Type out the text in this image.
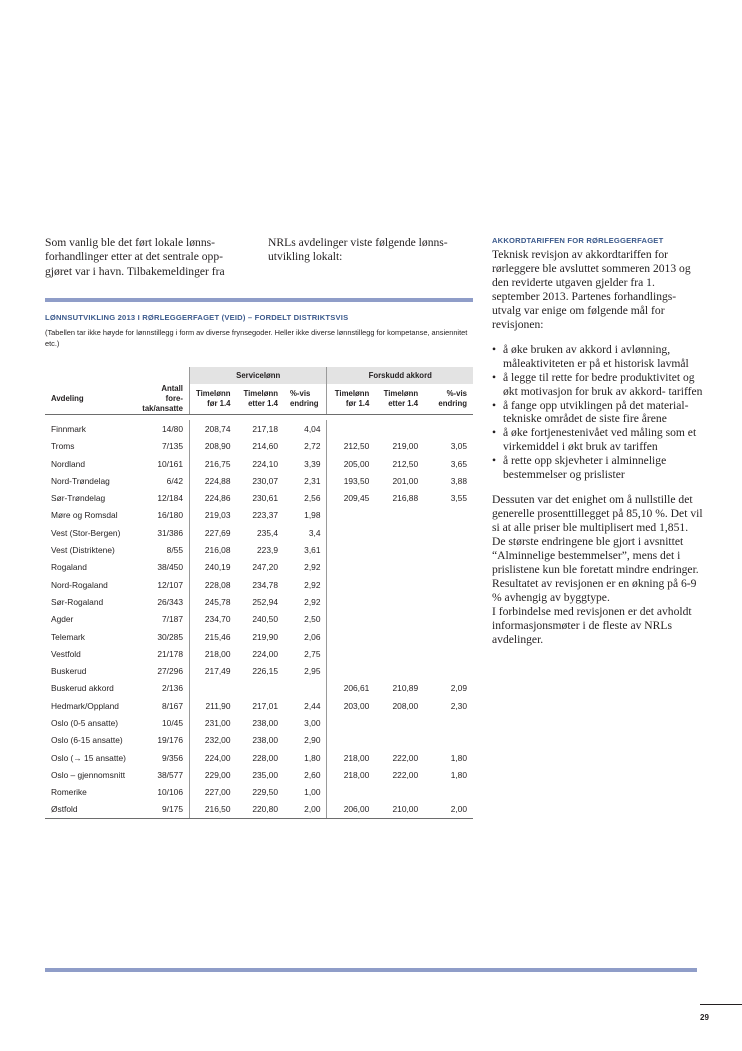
Som vanlig ble det ført lokale lønns- forhandlinger etter at det sentrale opp- gjøret var i havn. Tilbakemeldinger fra
NRLs avdelinger viste følgende lønns- utvikling lokalt:
LØNNSUTVIKLING 2013 I RØRLEGGERFAGET (VEID) – FORDELT DISTRIKTSVIS
(Tabellen tar ikke høyde for lønnstillegg i form av diverse frynsegoder. Heller ikke diverse lønnstillegg for kompetanse, ansiennitet etc.)
		Servicelønn			Forskudd akkord		
Avdeling	Antall fore- tak/ansatte	Timelønn før 1.4	Timelønn etter 1.4	%-vis endring	Timelønn før 1.4	Timelønn etter 1.4	%-vis endring

Finnmark	14/80	208,74	217,18	4,04			
Troms	7/135	208,90	214,60	2,72	212,50	219,00	3,05
Nordland	10/161	216,75	224,10	3,39	205,00	212,50	3,65
Nord-Trøndelag	6/42	224,88	230,07	2,31	193,50	201,00	3,88
Sør-Trøndelag	12/184	224,86	230,61	2,56	209,45	216,88	3,55
Møre og Romsdal	16/180	219,03	223,37	1,98			
Vest (Stor-Bergen)	31/386	227,69	235,4	3,4			
Vest (Distriktene)	8/55	216,08	223,9	3,61			
Rogaland	38/450	240,19	247,20	2,92			
Nord-Rogaland	12/107	228,08	234,78	2,92			
Sør-Rogaland	26/343	245,78	252,94	2,92			
Agder	7/187	234,70	240,50	2,50			
Telemark	30/285	215,46	219,90	2,06			
Vestfold	21/178	218,00	224,00	2,75			
Buskerud	27/296	217,49	226,15	2,95			
Buskerud akkord	2/136				206,61	210,89	2,09
Hedmark/Oppland	8/167	211,90	217,01	2,44	203,00	208,00	2,30
Oslo (0-5 ansatte)	10/45	231,00	238,00	3,00			
Oslo (6-15 ansatte)	19/176	232,00	238,00	2,90			
Oslo (→ 15 ansatte)	9/356	224,00	228,00	1,80	218,00	222,00	1,80
Oslo – gjennomsnitt	38/577	229,00	235,00	2,60	218,00	222,00	1,80
Romerike	10/106	227,00	229,50	1,00			
Østfold	9/175	216,50	220,80	2,00	206,00	210,00	2,00
AKKORDTARIFFEN FOR RØRLEGGERFAGET

Teknisk revisjon av akkordtariffen for rørleggere ble avsluttet sommeren 2013 og den reviderte utgaven gjelder fra 1. september 2013. Partenes forhandlings- utvalg var enige om følgende mål for revisjonen:

• å øke bruken av akkord i avlønning, måleaktiviteten er på et historisk lavmål
• å legge til rette for bedre produktivitet og økt motivasjon for bruk av akkord- tariffen
• å fange opp utviklingen på det material- tekniske området de siste fire årene
• å øke fortjenestenivået ved måling som et virkemiddel i økt bruk av tariffen
• å rette opp skjevheter i alminnelige bestemmelser og prislister

Dessuten var det enighet om å nullstille det generelle prosenttillegget på 85,10 %. Det vil si at alle priser ble multiplisert med 1,851. De største endringene ble gjort i avsnittet “Alminnelige bestemmelser”, mens det i prislistene kun ble foretatt mindre endringer.

Resultatet av revisjonen er en økning på 6-9 % avhengig av byggtype.

I forbindelse med revisjonen er det avholdt informasjonsmøter i de fleste av NRLs avdelinger.

29
